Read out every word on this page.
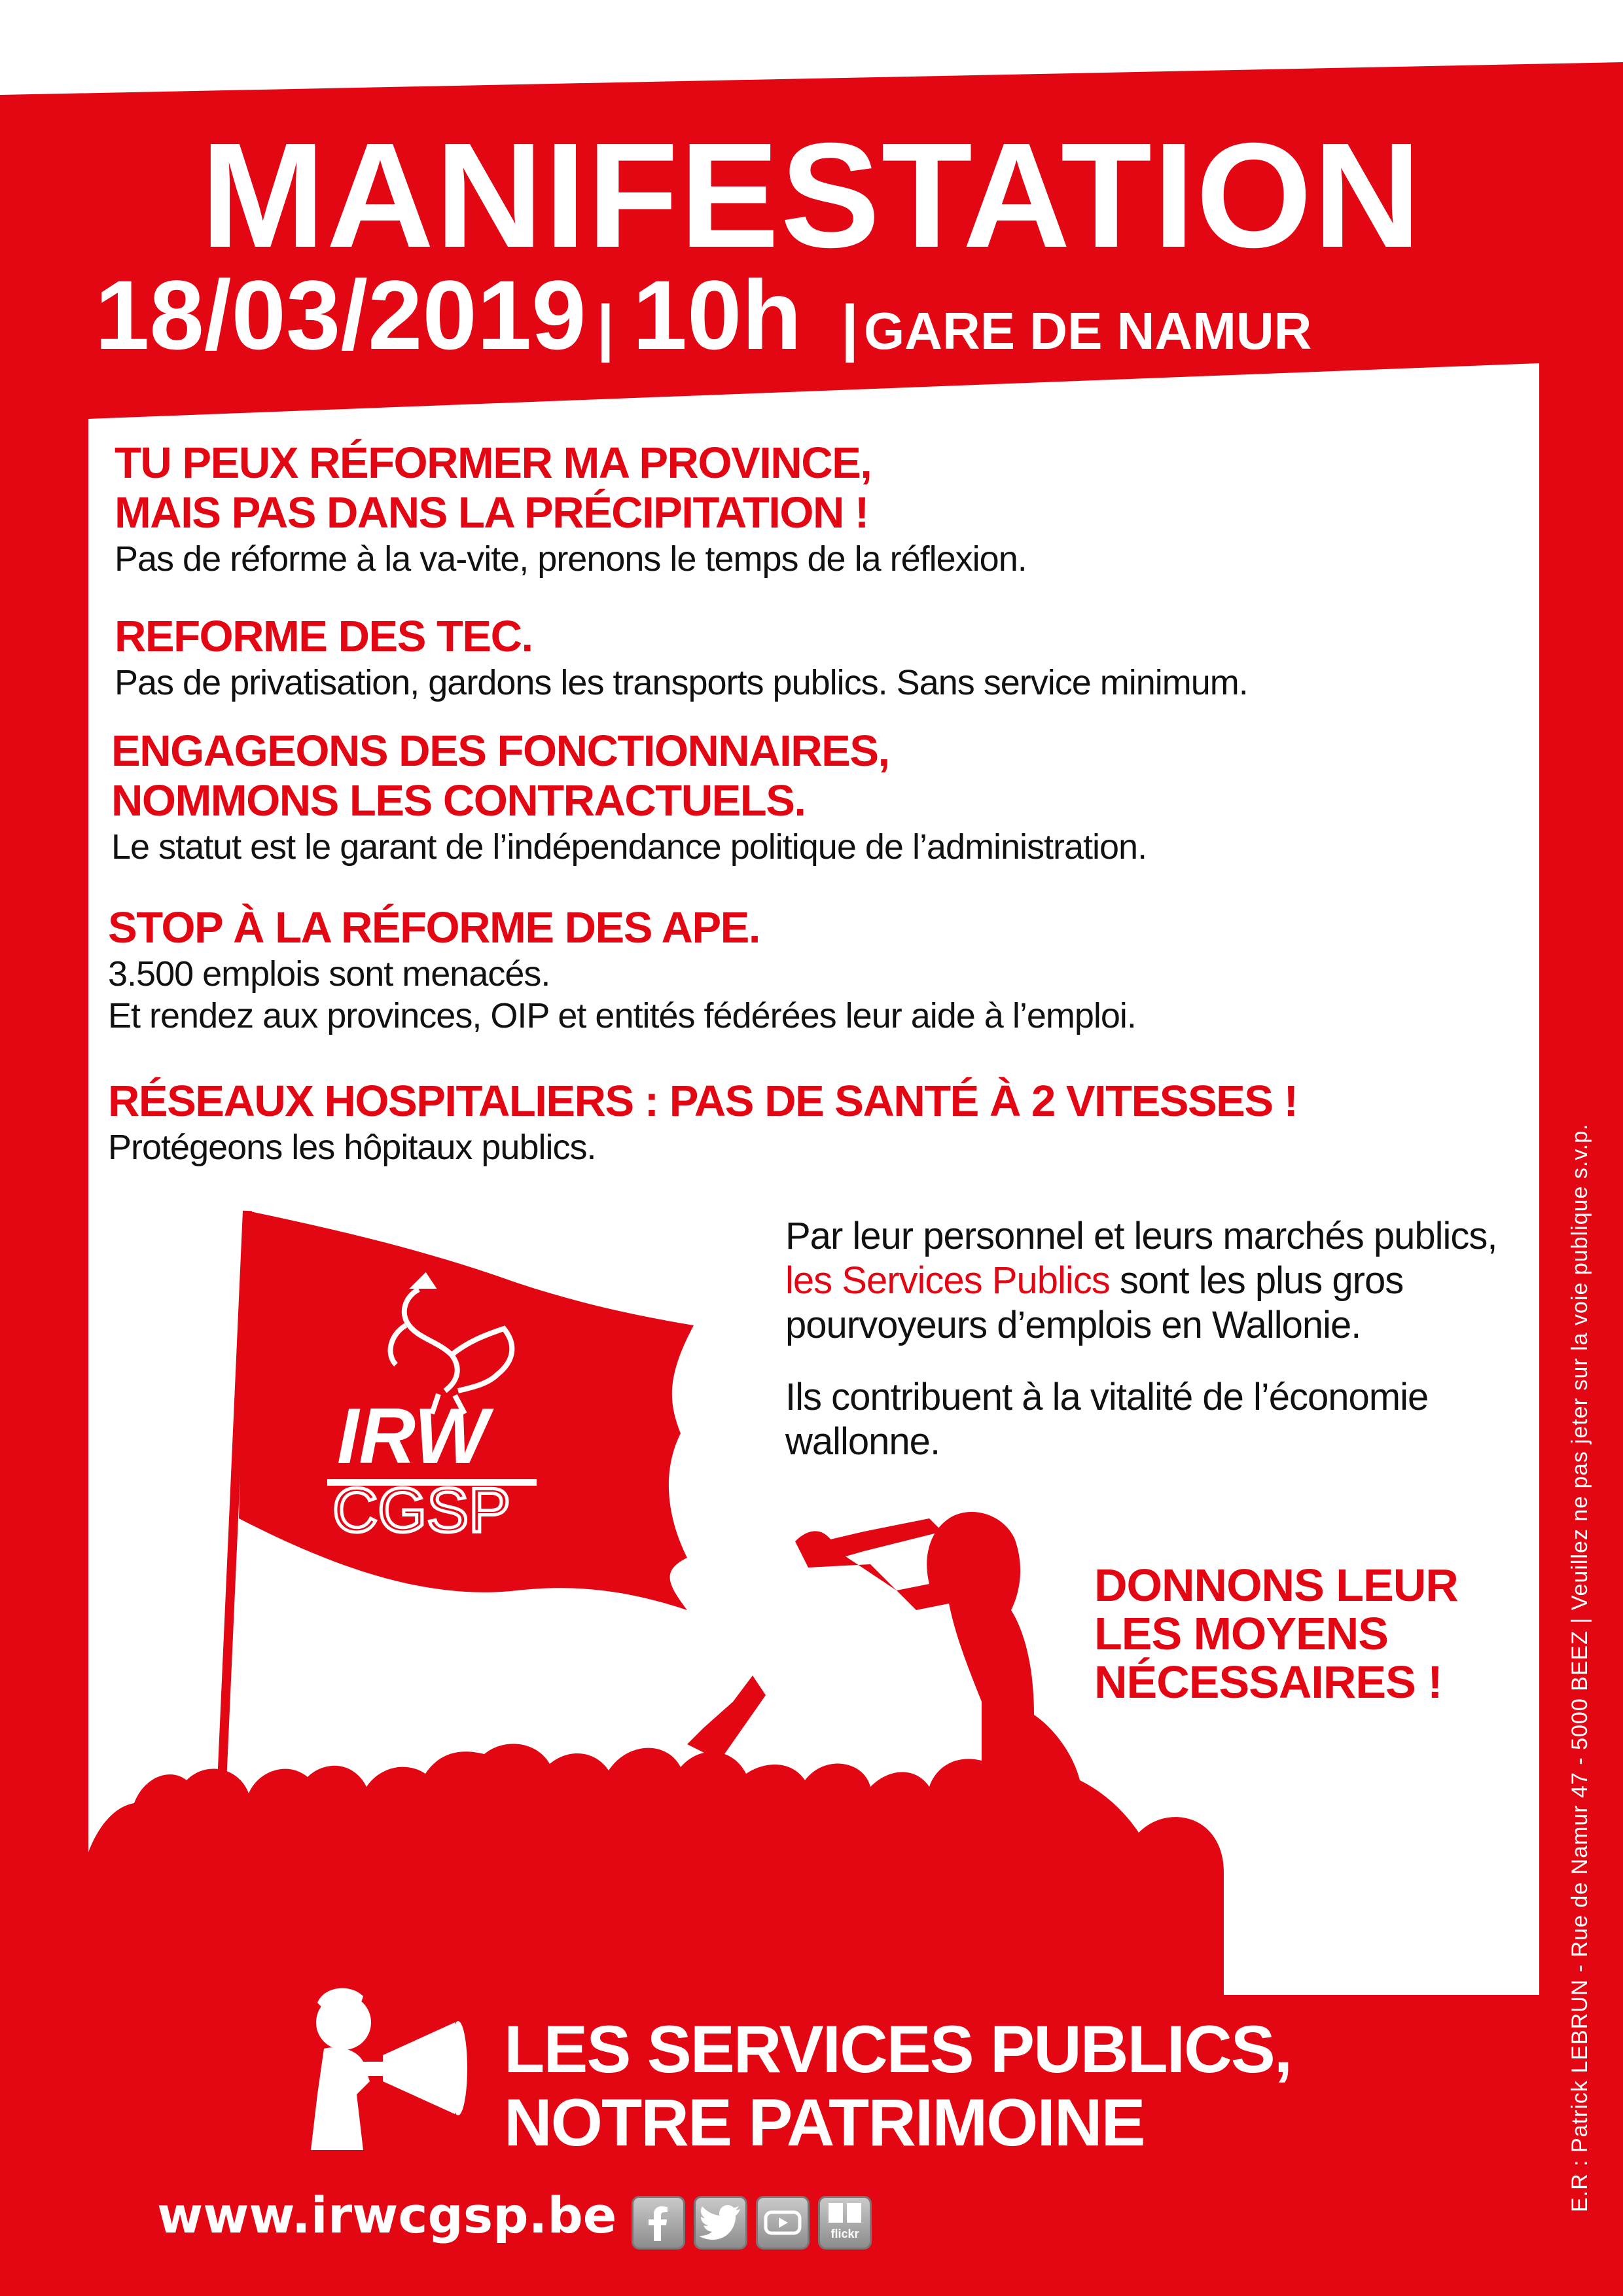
IRW
CGSP
MANIFESTATION
18/03/2019 | 10h | GARE DE NAMUR
TU PEUX RÉFORMER MA PROVINCE,
MAIS PAS DANS LA PRÉCIPITATION !
Pas de réforme à la va-vite, prenons le temps de la réflexion.
REFORME DES TEC.
Pas de privatisation, gardons les transports publics. Sans service minimum.
ENGAGEONS DES FONCTIONNAIRES,
NOMMONS LES CONTRACTUELS.
Le statut est le garant de l’indépendance politique de l’administration.
STOP À LA RÉFORME DES APE.
3.500 emplois sont menacés.
Et rendez aux provinces, OIP et entités fédérées leur aide à l’emploi.
RÉSEAUX HOSPITALIERS : PAS DE SANTÉ À 2 VITESSES !
Protégeons les hôpitaux publics.

Par leur personnel et leurs marchés publics, les Services Publics sont les plus gros pourvoyeurs d’emplois en Wallonie.

Ils contribuent à la vitalité de l’économie wallonne.

DONNONS LEUR
LES MOYENS
NÉCESSAIRES !
LES SERVICES PUBLICS,
NOTRE PATRIMOINE
www.irwcgsp.be	flickr
E.R : Patrick LEBRUN - Rue de Namur 47 - 5000 BEEZ | Veuillez ne pas jeter sur la voie publique s.v.p.
